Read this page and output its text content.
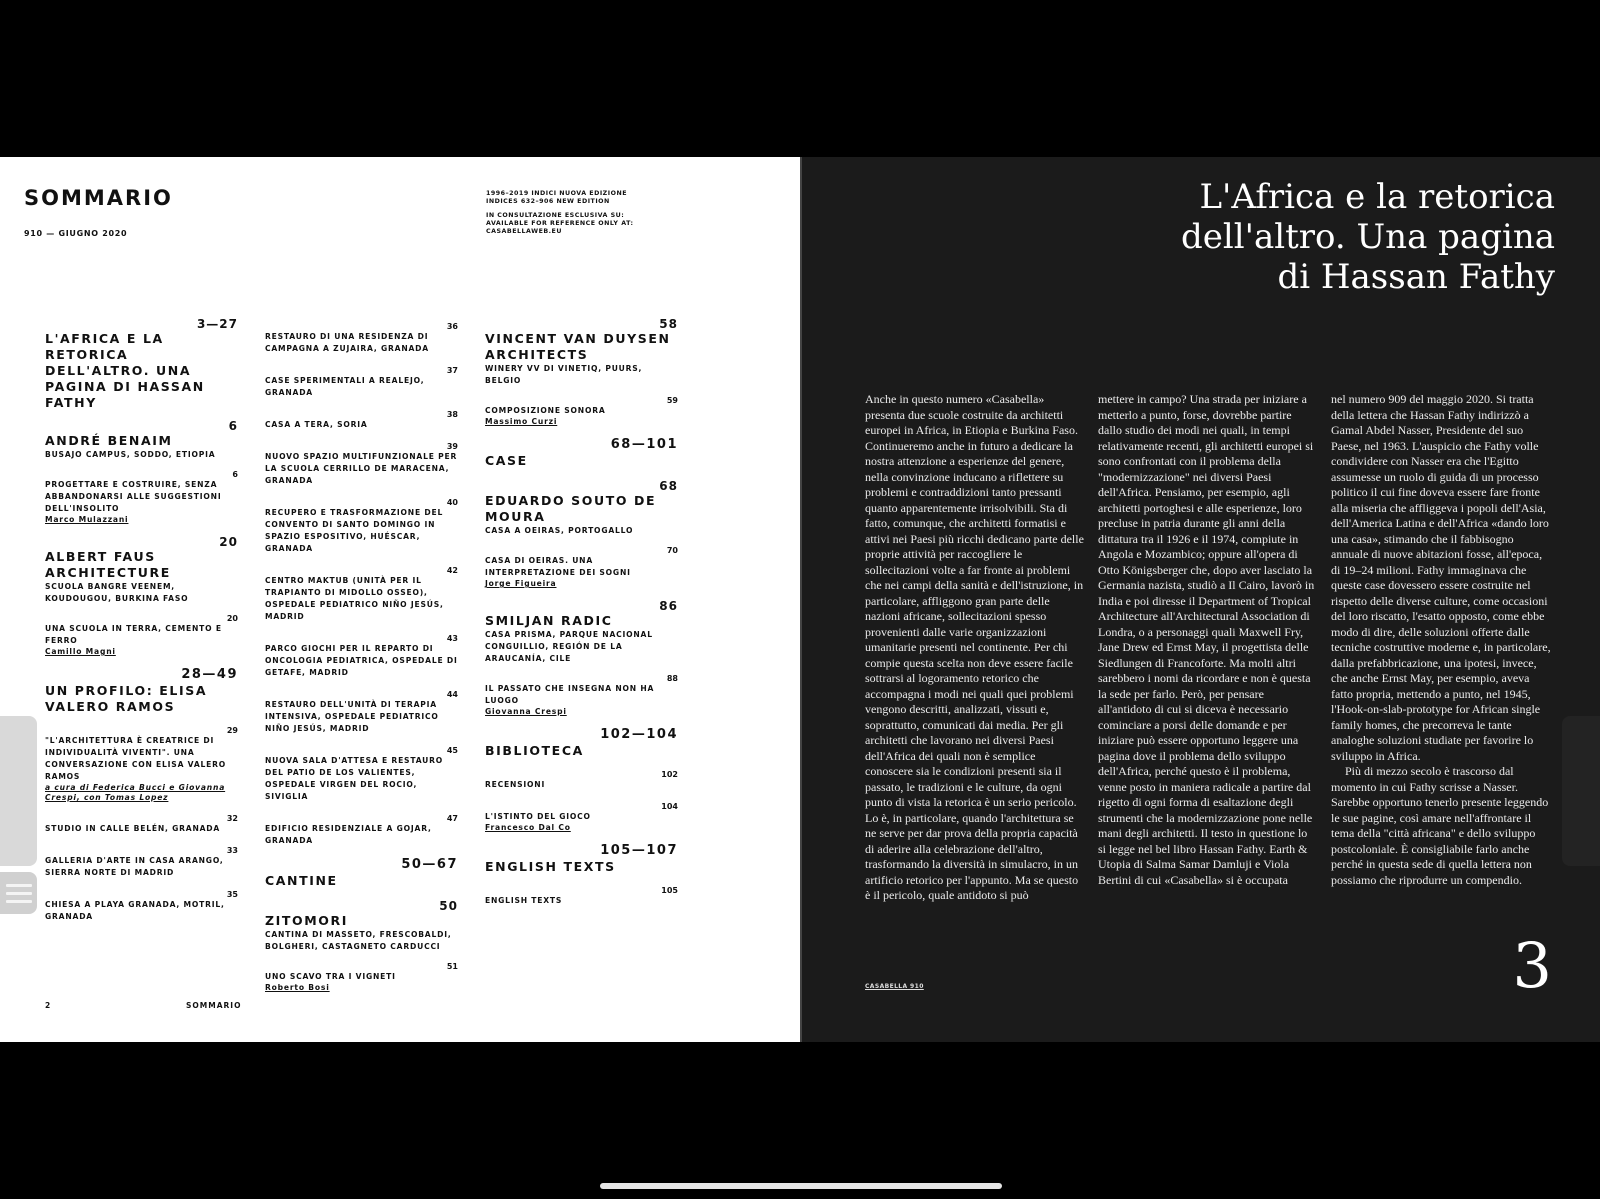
SOMMARIO
910 — GIUGNO 2020
1996–2019 INDICI NUOVA EDIZIONE
INDICES 632–906 NEW EDITION
IN CONSULTAZIONE ESCLUSIVA SU:
AVAILABLE FOR REFERENCE ONLY AT:
CASABELLAWEB.EU
3—27
L'AFRICA E LA RETORICA DELL'ALTRO. UNA PAGINA DI HASSAN FATHY
6
ANDRÉ BENAIM
BUSAJO CAMPUS, SODDO, ETIOPIA
6
PROGETTARE E COSTRUIRE, SENZA ABBANDONARSI ALLE SUGGESTIONI DELL'INSOLITO
Marco Mulazzani
20
ALBERT FAUS ARCHITECTURE
SCUOLA BANGRE VEENEM, KOUDOUGOU, BURKINA FASO
20
UNA SCUOLA IN TERRA, CEMENTO E FERRO
Camillo Magni
28—49
UN PROFILO: ELISA VALERO RAMOS
29
"L'ARCHITETTURA È CREATRICE DI INDIVIDUALITÀ VIVENTI". UNA CONVERSAZIONE CON ELISA VALERO RAMOS
a cura di Federica Bucci e Giovanna Crespi, con Tomas Lopez
32
STUDIO IN CALLE BELÉN, GRANADA
33
GALLERIA D'ARTE IN CASA ARANGO, SIERRA NORTE DI MADRID
35
CHIESA A PLAYA GRANADA, MOTRIL, GRANADA
36
RESTAURO DI UNA RESIDENZA DI CAMPAGNA A ZUJAIRA, GRANADA
37
CASE SPERIMENTALI A REALEJO, GRANADA
38
CASA A TERA, SORIA
39
NUOVO SPAZIO MULTIFUNZIONALE PER LA SCUOLA CERRILLO DE MARACENA, GRANADA
40
RECUPERO E TRASFORMAZIONE DEL CONVENTO DI SANTO DOMINGO IN SPAZIO ESPOSITIVO, HUÉSCAR, GRANADA
42
CENTRO MAKTUB (UNITÀ PER IL TRAPIANTO DI MIDOLLO OSSEO), OSPEDALE PEDIATRICO NIÑO JESÚS, MADRID
43
PARCO GIOCHI PER IL REPARTO DI ONCOLOGIA PEDIATRICA, OSPEDALE DI GETAFE, MADRID
44
RESTAURO DELL'UNITÀ DI TERAPIA INTENSIVA, OSPEDALE PEDIATRICO NIÑO JESÚS, MADRID
45
NUOVA SALA D'ATTESA E RESTAURO DEL PATIO DE LOS VALIENTES, OSPEDALE VIRGEN DEL ROCIO, SIVIGLIA
47
EDIFICIO RESIDENZIALE A GOJAR, GRANADA
50—67
CANTINE
50
ZITOMORI
CANTINA DI MASSETO, FRESCOBALDI, BOLGHERI, CASTAGNETO CARDUCCI
51
UNO SCAVO TRA I VIGNETI
Roberto Bosi
58
VINCENT VAN DUYSEN ARCHITECTS
WINERY VV DI VINETIQ, PUURS, BELGIO
59
COMPOSIZIONE SONORA
Massimo Curzi
68—101
CASE
68
EDUARDO SOUTO DE MOURA
CASA A OEIRAS, PORTOGALLO
70
CASA DI OEIRAS. UNA INTERPRETAZIONE DEI SOGNI
Jorge Figueira
86
SMILJAN RADIC
CASA PRISMA, PARQUE NACIONAL CONGUILLIO, REGIÓN DE LA ARAUCANÍA, CILE
88
IL PASSATO CHE INSEGNA NON HA LUOGO
Giovanna Crespi
102—104
BIBLIOTECA
102
RECENSIONI
104
L'ISTINTO DEL GIOCO
Francesco Dal Co
105—107
ENGLISH TEXTS
105
ENGLISH TEXTS
2	SOMMARIO
L'Africa e la retorica
dell'altro. Una pagina
di Hassan Fathy

Anche in questo numero «Casabella» presenta due scuole costruite da architetti europei in Africa, in Etiopia e Burkina Faso. Continueremo anche in futuro a dedicare la nostra attenzione a esperienze del genere, nella convinzione inducano a riflettere su problemi e contraddizioni tanto pressanti quanto apparentemente irrisolvibili. Sta di fatto, comunque, che architetti formatisi e attivi nei Paesi più ricchi dedicano parte delle proprie attività per raccogliere le sollecitazioni volte a far fronte ai problemi che nei campi della sanità e dell'istruzione, in particolare, affliggono gran parte delle nazioni africane, sollecitazioni spesso provenienti dalle varie organizzazioni umanitarie presenti nel continente. Per chi compie questa scelta non deve essere facile sottrarsi al logoramento retorico che accompagna i modi nei quali quei problemi vengono descritti, analizzati, vissuti e, soprattutto, comunicati dai media. Per gli architetti che lavorano nei diversi Paesi dell'Africa dei quali non è semplice conoscere sia le condizioni presenti sia il passato, le tradizioni e le culture, da ogni punto di vista la retorica è un serio pericolo. Lo è, in particolare, quando l'architettura se ne serve per dar prova della propria capacità di aderire alla celebrazione dell'altro, trasformando la diversità in simulacro, in un artificio retorico per l'appunto. Ma se questo è il pericolo, quale antidoto si può

mettere in campo? Una strada per iniziare a metterlo a punto, forse, dovrebbe partire dallo studio dei modi nei quali, in tempi relativamente recenti, gli architetti europei si sono confrontati con il problema della "modernizzazione" nei diversi Paesi dell'Africa. Pensiamo, per esempio, agli architetti portoghesi e alle esperienze, loro precluse in patria durante gli anni della dittatura tra il 1926 e il 1974, compiute in Angola e Mozambico; oppure all'opera di Otto Königsberger che, dopo aver lasciato la Germania nazista, studiò a Il Cairo, lavorò in India e poi diresse il Department of Tropical Architecture all'Architectural Association di Londra, o a personaggi quali Maxwell Fry, Jane Drew ed Ernst May, il progettista delle Siedlungen di Francoforte. Ma molti altri sarebbero i nomi da ricordare e non è questa la sede per farlo. Però, per pensare all'antidoto di cui si diceva è necessario cominciare a porsi delle domande e per iniziare può essere opportuno leggere una pagina dove il problema dello sviluppo dell'Africa, perché questo è il problema, venne posto in maniera radicale a partire dal rigetto di ogni forma di esaltazione degli strumenti che la modernizzazione pone nelle mani degli architetti. Il testo in questione lo si legge nel bel libro Hassan Fathy. Earth & Utopia di Salma Samar Damluji e Viola Bertini di cui «Casabella» si è occupata

nel numero 909 del maggio 2020. Si tratta della lettera che Hassan Fathy indirizzò a Gamal Abdel Nasser, Presidente del suo Paese, nel 1963. L'auspicio che Fathy volle condividere con Nasser era che l'Egitto assumesse un ruolo di guida di un processo politico il cui fine doveva essere fare fronte alla miseria che affliggeva i popoli dell'Asia, dell'America Latina e dell'Africa «dando loro una casa», stimando che il fabbisogno annuale di nuove abitazioni fosse, all'epoca, di 19–24 milioni. Fathy immaginava che queste case dovessero essere costruite nel rispetto delle diverse culture, come occasioni del loro riscatto, l'esatto opposto, come ebbe modo di dire, delle soluzioni offerte dalle tecniche costruttive moderne e, in particolare, dalla prefabbricazione, una ipotesi, invece, che anche Ernst May, per esempio, aveva fatto propria, mettendo a punto, nel 1945, l'Hook-on-slab-prototype for African single family homes, che precorreva le tante analoghe soluzioni studiate per favorire lo sviluppo in Africa.

Più di mezzo secolo è trascorso dal momento in cui Fathy scrisse a Nasser. Sarebbe opportuno tenerlo presente leggendo le sue pagine, così amare nell'affrontare il tema della "città africana" e dello sviluppo postcoloniale. È consigliabile farlo anche perché in questa sede di quella lettera non possiamo che riprodurre un compendio.

CASABELLA 910	3
